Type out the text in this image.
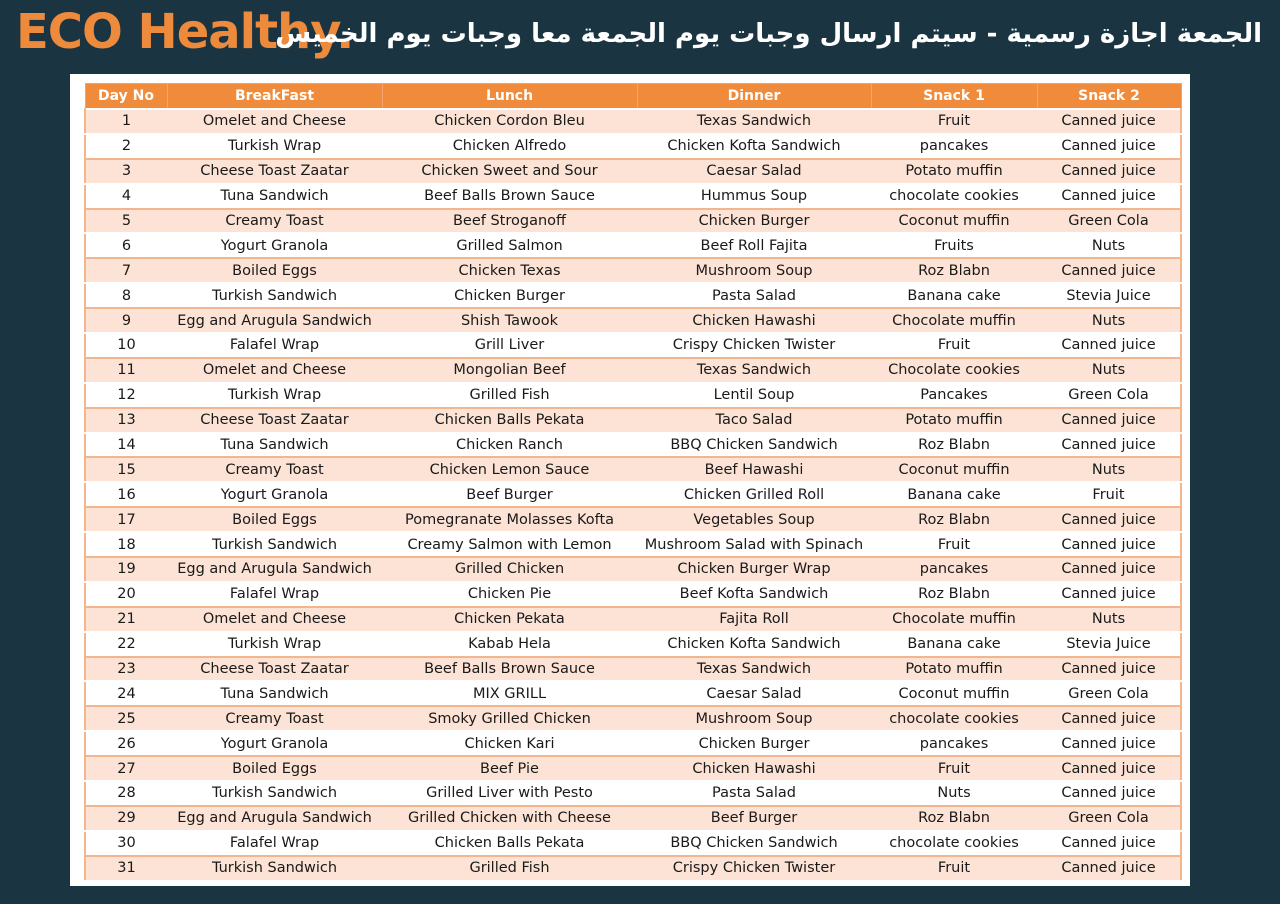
ECO Healthy.
الجمعة اجازة رسمية - سيتم ارسال وجبات يوم الجمعة معا وجبات يوم الخميس
Day No	BreakFast	Lunch	Dinner	Snack 1	Snack 2
1	Omelet and Cheese	Chicken Cordon Bleu	Texas Sandwich	Fruit	Canned juice
2	Turkish Wrap	Chicken Alfredo	Chicken Kofta Sandwich	pancakes	Canned juice
3	Cheese Toast Zaatar	Chicken Sweet and Sour	Caesar Salad	Potato muffin	Canned juice
4	Tuna Sandwich	Beef Balls Brown Sauce	Hummus Soup	chocolate cookies	Canned juice
5	Creamy Toast	Beef Stroganoff	Chicken Burger	Coconut muffin	Green Cola
6	Yogurt Granola	Grilled Salmon	Beef Roll Fajita	Fruits	Nuts
7	Boiled Eggs	Chicken Texas	Mushroom Soup	Roz Blabn	Canned juice
8	Turkish Sandwich	Chicken Burger	Pasta Salad	Banana cake	Stevia Juice
9	Egg and Arugula Sandwich	Shish Tawook	Chicken Hawashi	Chocolate muffin	Nuts
10	Falafel Wrap	Grill Liver	Crispy Chicken Twister	Fruit	Canned juice
11	Omelet and Cheese	Mongolian Beef	Texas Sandwich	Chocolate cookies	Nuts
12	Turkish Wrap	Grilled Fish	Lentil Soup	Pancakes	Green Cola
13	Cheese Toast Zaatar	Chicken Balls Pekata	Taco Salad	Potato muffin	Canned juice
14	Tuna Sandwich	Chicken Ranch	BBQ Chicken Sandwich	Roz Blabn	Canned juice
15	Creamy Toast	Chicken Lemon Sauce	Beef Hawashi	Coconut muffin	Nuts
16	Yogurt Granola	Beef Burger	Chicken Grilled Roll	Banana cake	Fruit
17	Boiled Eggs	Pomegranate Molasses Kofta	Vegetables Soup	Roz Blabn	Canned juice
18	Turkish Sandwich	Creamy Salmon with Lemon	Mushroom Salad with Spinach	Fruit	Canned juice
19	Egg and Arugula Sandwich	Grilled Chicken	Chicken Burger Wrap	pancakes	Canned juice
20	Falafel Wrap	Chicken Pie	Beef Kofta Sandwich	Roz Blabn	Canned juice
21	Omelet and Cheese	Chicken Pekata	Fajita Roll	Chocolate muffin	Nuts
22	Turkish Wrap	Kabab Hela	Chicken Kofta Sandwich	Banana cake	Stevia Juice
23	Cheese Toast Zaatar	Beef Balls Brown Sauce	Texas Sandwich	Potato muffin	Canned juice
24	Tuna Sandwich	MIX GRILL	Caesar Salad	Coconut muffin	Green Cola
25	Creamy Toast	Smoky Grilled Chicken	Mushroom Soup	chocolate cookies	Canned juice
26	Yogurt Granola	Chicken Kari	Chicken Burger	pancakes	Canned juice
27	Boiled Eggs	Beef Pie	Chicken Hawashi	Fruit	Canned juice
28	Turkish Sandwich	Grilled Liver with Pesto	Pasta Salad	Nuts	Canned juice
29	Egg and Arugula Sandwich	Grilled Chicken with Cheese	Beef Burger	Roz Blabn	Green Cola
30	Falafel Wrap	Chicken Balls Pekata	BBQ Chicken Sandwich	chocolate cookies	Canned juice
31	Turkish Sandwich	Grilled Fish	Crispy Chicken Twister	Fruit	Canned juice
